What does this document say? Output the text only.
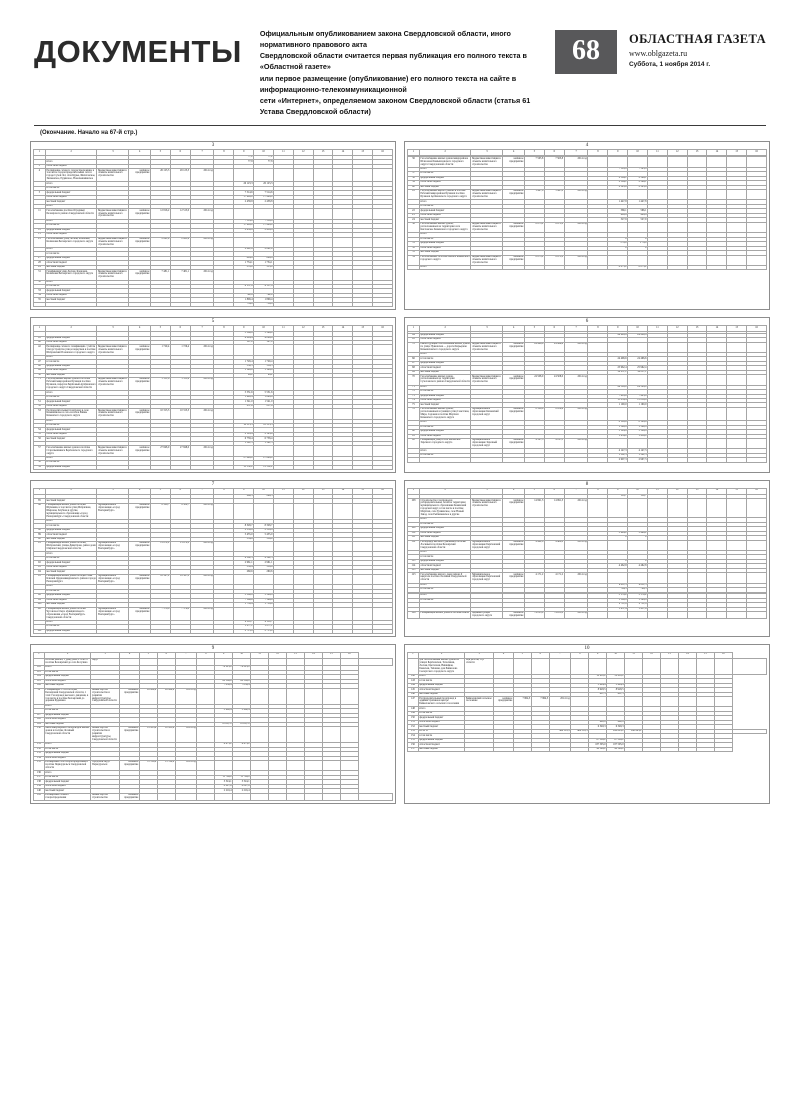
ДОКУМЕНТЫ
Официальным опубликованием закона Свердловской области, иного нормативного правового акта
Свердловской области считается первая публикация его полного текста в «Областной газете»
или первое размещение (опубликование) его полного текста на сайте в информационно-телекоммуникационной
сети «Интернет», определяемом законом Свердловской области (статья 61 Устава Свердловской области)
68	ОБЛАСТНАЯ ГАЗЕТА
www.oblgazeta.ru
Суббота, 1 ноября 2014 г.
(Окончание. Начало на 67-й стр.)
3
1	2	3	4	5	6	7	8	9	10	11	12	13	14	15	16
								77,2	77,2						
	итого							77,8	77,8						
3	областной бюджет														
4	Расширение сетевого газораспределения, в том числе газораспределительные сети в городе Сухой Лог, сёла Курьи, Филатовское, Знаменское, Рудянское, Новопышминское	Бюджетные инвестиции в объекты капитального строительства	казённое предприятие	26 123,3	26 123,3	2014 год									
	итого							26 123,3	26 123,3						
	в том числе														
5	федеральный бюджет							7 514,6	7 514,6						
	областной бюджет							17 908,0	17 908,0						
	местный бюджет							2 438,8	2 438,8						
	итого														
11	Газоснабжение посёлка Отрадный Белоярского района Свердловской области	Бюджетные инвестиции в объекты капитального строительства	казённое предприятие	12 816,2	12 515,0	2014 год									
	итого							7 514,6	7 514,6						
	в том числе							17 908,0	17 908,0						
12	федеральный бюджет							2 438,8	2 438,8						
13	областной бюджет														
23	Газоснабжение улиц Лесная, Кленовая, Калиновая Белоярского городского округа	Бюджетные инвестиции в объекты капитального строительства	казённое предприятие	2 891,9	2 891,9	2014 год									
	итого							2 891,9	2 891,9						
	в том числе														
27	федеральный бюджет							804,8	804,8						
28	областной бюджет							1 734,1	1 734,1						
29	местный бюджет							353,0	353,0						
31	Газификация улиц Лесная, Кленовая, Калиновая Белоярского городского округа	Бюджетные инвестиции в объекты капитального строительства	казённое предприятие	7 481,1	7 481,1	2014 год									
32	итого														
	в том числе							4 137,8	4 137,8						
33	федеральный бюджет														
34	областной бюджет							742,9	742,9						
35	местный бюджет							1 809,4	1 809,4						
								734,8	734,8						
4
1	2	3	4	5	6	7	8	9	10	11	12	13	14	15	16

36	Газоснабжение жилых домов микрорайона Шлюзовой Камышловского городского округа Свердловской области	Бюджетные инвестиции в объекты капитального строительства	казённое предприятие	7 563,8	7 563,8	2014 год									
	итого							7 563,8	7 563,8						
37	в том числе														
38	федеральный бюджет							2 564,1	2 564,1						
39	областной бюджет							2 564,1	2 564,1						
40	местный бюджет							2 345,6	2 345,6						
41	Газоснабжение жилого района в посёлке Рабочий микрорайона Буланаш посёлка Буланаш Артёмовского городского округа	Бюджетные инвестиции в объекты капитального строительства	казённое предприятие	1 447,8	1 447,8	2014 год									
	итого							1 447,8	1 447,8						
	в том числе														
22	федеральный бюджет							566,1	566,1						
23	областной бюджет							408,8	408,8						
24	местный бюджет							527,9	527,9						
56	Газоснабжение жилых домов, расположенных на территории села Кисловское Каменского городского округа	Бюджетные инвестиции в объекты капитального строительства	казённое предприятие	8 873,2	8 873,2	2014 год									
	итого														
	в том числе							0	0						
51	федеральный бюджет							3 78,0	3 78,0						
52	областной бюджет							0	0						
53	местный бюджет														
54	Газоснабжение села Кисловское Каменского городского округа	Бюджетные инвестиции в объекты капитального строительства	казённое предприятие	8 873,2	8 873,2	2014 год									
	итого							8 873,2	8 873,2						
5
1	2	3	4	5	6	7	8	9	10	11	12	13	14	15	16
								3 366,9	3 366,9						
45	федеральный бюджет							4 004,4	4 004,4						
46	областной бюджет							107,0	107,0						
42	Расширение сетевого газификации с учётом благоустройства улиц и переулков в посёлке Шабровский Полевского городского округа	Бюджетные инвестиции в объекты капитального строительства	казённое предприятие	1 729,4	1 729,4	2014 год									
	итого														
47	в том числе							1 729,4	1 729,4						
48	федеральный бюджет							536,5	536,5						
49	областной бюджет							1 148,6	1 148,6						
50	местный бюджет							98,2	98,2						
71	Газоснабжение жилых домов в посёлке Рабочий микрорайона Буланаш посёлка Буланаш, переулок Берёзовый Артёмовского городского округа Свердловской области	Бюджетные инвестиции в объекты капитального строительства	казённое предприятие	5 531,6	5 531,6	2014 год									
	итого							5 531,6	5 531,6						
	в том числе							1 698,4	1 698,4						
51	федеральный бюджет							1 541,0	1 541,0						
52	областной бюджет							237,6	237,6						
53	Распределительный газопровод в селе Камышевское и село-посёлок Байны Каменского городского округа	Бюджетные инвестиции в объекты капитального строительства	казённое предприятие	10 313,3	10 313,3	2014 год									
	итого														
	в том числе							10 313,3	10 313,3						
54	федеральный бюджет														
55	областной бюджет							2 163,4	2 163,4						
56	местный бюджет							6 758,4	6 758,4						
								1 391,5	1 391,5						
57	Газоснабжение жилых домов в посёлке Старопышминск Берёзовского городского округа	Бюджетные инвестиции в объекты капитального строительства	казённое предприятие	27 848,0	27 848,0	2014 год									
	итого							27 848,0	27 848,0						
58	в том числе														
59	федеральный бюджет							13 532,2	13 532,2						
6
1	2	3	4	5	6	7	8	9	10	11	12	13	14	15	16

64	федеральный бюджет							24 929,8	24 929,8						
65	областной бюджет														
78	Реконструкция газоснабжения жилых домов по улице Чувашская — дороги Карьерная Камышловского городского округа	Бюджетные инвестиции в объекты капитального строительства	казённое предприятие	24 496,6	24 496,6	2014 год									
	итого														
66	в том числе							24 496,6	24 496,6						
67	федеральный бюджет														
68	областной бюджет							25 962,4	25 962,4						
69	местный бюджет							34 237,1	34 237,1						
70	Газоснабжение жилых домов, расположенных на территории Сухоложского района Свердловской области	Бюджетные инвестиции в объекты капитального строительства	казённое предприятие	24 508,0	24 508,0	2014 год									
71	итого							24 508,0	24 508,0						
72	в том числе														
73	федеральный бюджет							7 483,6	7 483,6						
74	областной бюджет							15 834,4	15 834,4						
75	местный бюджет							1 190,0	1 190,0						
76	Газоснабжение жилых домов, расположенных в границах улиц Советская, Мира, Садовая в посёлке Мартюш Каменского городского округа	Муниципальное образование Каменский городской округ	казённое предприятие	8 108,6	8 108,6	2014 год									
	итого							8 108,6	8 108,6						
	в том числе							1 549,8	1 549,8						
60	федеральный бюджет							5 124,8	5 124,8						
61	областной бюджет							1 434,0	1 434,0						
62	Газификация улиц в селе Мезенское Заречного городского округа	Муниципальное образование Заречный городской округ	казённое предприятие	4 147,3	4 147,3	2014 год									
	итого							4 147,3	4 147,3						
	в том числе							1 381,3	1 381,3						
								2 907,3	2 907,3						
7
1	2	3	4	5	6	7	8	9	10	11	12	13	14	15	16
								266,3	266,3						
85	местный бюджет														
86	Газификация жилых домов посёлка Шувакиш, в том числе улиц Фабричная, Широкая, Клубная и другие, муниципального образования «город Екатеринбург» Свердловской области	Муниципальное образование «город Екатеринбург»	казённое предприятие	8 328,7	8 328,7	2014 год									
	итого														
	в том числе							8 328,7	8 328,7						
88	федеральный бюджет							2 338,8	2 338,8						
89	областной бюджет							5 455,0	5 455,0						
90	местный бюджет							534,9	534,9						
91	Газификация жилых домов посёлка Шабровский, улицы Димитрова, район дома Озёрная Свердловской области	Муниципальное образование «город Екатеринбург»	казённое предприятие	13 872,2	13 872,2	2014 год									
	итого														
	в том числе							9 382,3	9 382,3						
92	федеральный бюджет							2 961,1	2 961,1						
93	областной бюджет							538,4	538,4						
94	местный бюджет							260,6	260,6						
95	Газификация жилых домов посёлка Семь Ключей Орджоникидзевского района города Екатеринбурга	Муниципальное образование «город Екатеринбург»	казённое предприятие	18 397,2	18 397,2	2014 год									
	итого														
	в том числе														
98	федеральный бюджет							3 386,8	3 386,8						
99	областной бюджет							7 166,6	7 166,6						
100	местный бюджет							1 738,4	1 738,4						
101	Газификация жилых домов посёлка Чусовское Озеро муниципального образования «город Екатеринбург» Свердловской области	Муниципальное образование «город Екатеринбург»	казённое предприятие	7 578,8	7 578,8	2014 год									
	итого							4 110,7	4 110,7						
	в том числе							1 277,1	1 277,1						
102	федеральный бюджет							2 713,9	2 713,9						
8
1	2	3	4	5	6	7	8	9	10	11	12	13	14	15	16
								119,7	119,7						
108	Строительство газопроводов распределительных сетей на территории муниципального образования Каменский городской округ, в том числе в посёлке Мартюш, селе Травянское, селе Новый Завод, селе Рыбниковское и другие	Бюджетные инвестиции в объекты капитального строительства	казённое предприятие	14 991,3	14 991,3	2014 год									
	итого														
	в том числе														
109	федеральный бюджет														
110	областной бюджет							3 494,2	3 494,2						
111	местный бюджет							0	0						
112	Газопровод высокого давления в посёлке Лосиный и посёлке Белоярский Свердловской области	Муниципальное образование Берёзовский городской округ	казённое предприятие	4 462,8	4 462,8	2014 год									
	итого														
	в том числе														
113	федеральный бюджет							0	0						
114	областной бюджет							4 462,8	4 462,8						
115	местный бюджет														
123	Газоснабжение жилого дома района 9 квартала посёлка Лосиный Свердловской области	Муниципальное образование Берёзовский городской округ	казённое предприятие	4 171,2	4 171,2	2014 год									
	итого							9 811,5	9 811,5						
	в том числе							784,5	784,5						

	итого							3 179,2	3 179,2						
	в том числе							1 368,8	1 368,8						
								2 711,8	2 711,8						
								1 457,4	1 457,4						
124	Газификация жилых домов в посёлке Шиля	Администрация городского округа	казённое предприятие	74 223,0	74 223,0	2014 год									
9
1	2	3	4	5	6	7	8	9	10	11	12	13	14	15	16	
	посёлка района, 1 улиц дома, 2 этап от посёлка Белоярский до села Косулино	округ														
122	итого							76 223,0	76 223,0							
123	в том числе															
124	федеральный бюджет															
125	областной бюджет							68 386,6	68 386,6							
126	местный бюджет							7 836,4	7 836,4							
52	Газификация УТП в посёлке Белоярский Свердловской области, 1 этап: Газопровод высокого давления, в том числе в посёлке Белоярский до деревни Курманка	Министерство строительства и развития инфраструктуры Свердловской области	казённое предприятие	28 864,9	28 864,9	2014 год										
	итого															
	в том числе							3 962,4	3 962,4							
127	федеральный бюджет															
128	областной бюджет															
129	местный бюджет							6 058,70	6 058,70							
130	Многоквартирных газопроводов жилых домов в посёлке Лосиный Свердловской области	Министерство строительства и развития инфраструктуры Свердловской области	казённое предприятие	12 413,4	12 413,4	2014 год										
131	итого							4 473,2	4 473,2							
132	в том числе															
133	федеральный бюджет															
134	областной бюджет															
135	Расширение сети газораспределения в посёлке Первоуральск Свердловской области	городской округ Первоуральск	казённое предприятие	11 768,0	11 768,0	2014 год										
136	итого															
137	в том числе							11 768,0	11 768,0							
138	федеральный бюджет							3 324,1	3 324,1							
139	областной бюджет							8 027,6	8 027,6							
140	местный бюджет							2 216,4	2 216,4							
141	Расширение сетевого газораспределения	Министерство строительства	казённое предприятие													
10
1	2	3	4	5	6	7	8	9	10	11	12	13	14	15	16	
	для газоснабжения жилых домов на улицах Берёзовская, Тополиная, Лесная, Цветочная, Вишнёвая, Баевская, Таёжная, дом Байкалова Сысертского городского округа	ной работы, стр. области														
142	итого							12 910,2	12 910,2							
143	в том числе															
144	федеральный бюджет							3 494,4	3 494,4							
145	областной бюджет							8 928,5	8 928,5							
146	местный бюджет							487,3	487,3							
147	Распределительный газопровод в административном центре Байкаловского сельского поселения	Байкаловский сельское поселение	казённое предприятие	7 864,3	7 864,3	2014 год										
148	итого															
149	в том числе															
150	федеральный бюджет															
151	областной бюджет							992,8	992,8							
152	местный бюджет							6 348,3	6 348,3							
153	ВСЕГО					468 591,3	468 591,3		298 693,2	298 693,2						
154	в том числе															
155	федеральный бюджет							67 308,2	67 308,2							
156	областной бюджет							187 595,0	187 595,0							
157	местный бюджет							42 348,2	42 348,2							
